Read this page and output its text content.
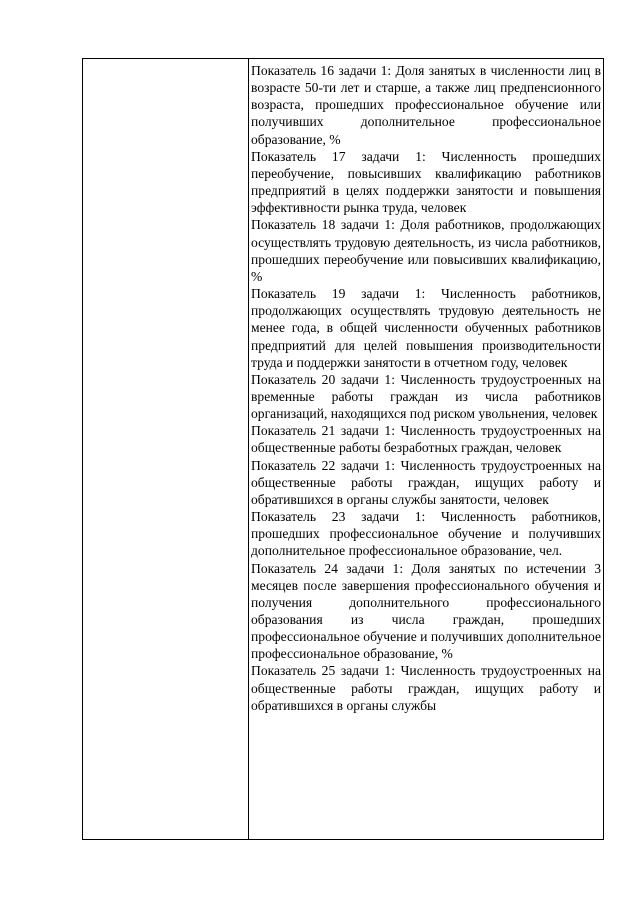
Показатель 16 задачи 1: Доля занятых в численности лиц в возрасте 50-ти лет и старше, а также лиц предпенсионного возраста, прошедших профессиональное обучение или получивших дополнительное профессиональное образование, %

Показатель 17 задачи 1: Численность прошедших переобучение, повысивших квалификацию работников предприятий в целях поддержки занятости и повышения эффективности рынка труда, человек

Показатель 18 задачи 1: Доля работников, продолжающих осуществлять трудовую деятельность, из числа работников, прошедших переобучение или повысивших квалификацию, %

Показатель 19 задачи 1: Численность работников, продолжающих осуществлять трудовую деятельность не менее года, в общей численности обученных работников предприятий для целей повышения производительности труда и поддержки занятости в отчетном году, человек

Показатель 20 задачи 1: Численность трудоустроенных на временные работы граждан из числа работников организаций, находящихся под риском увольнения, человек

Показатель 21 задачи 1: Численность трудоустроенных на общественные работы безработных граждан, человек

Показатель 22 задачи 1: Численность трудоустроенных на общественные работы граждан, ищущих работу и обратившихся в органы службы занятости, человек

Показатель 23 задачи 1: Численность работников, прошедших профессиональное обучение и получивших дополнительное профессиональное образование, чел.

Показатель 24 задачи 1: Доля занятых по истечении 3 месяцев после завершения профессионального обучения и получения дополнительного профессионального образования из числа граждан, прошедших профессиональное обучение и получивших дополнительное профессиональное образование, %

Показатель 25 задачи 1: Численность трудоустроенных на общественные работы граждан, ищущих работу и обратившихся в органы службы
